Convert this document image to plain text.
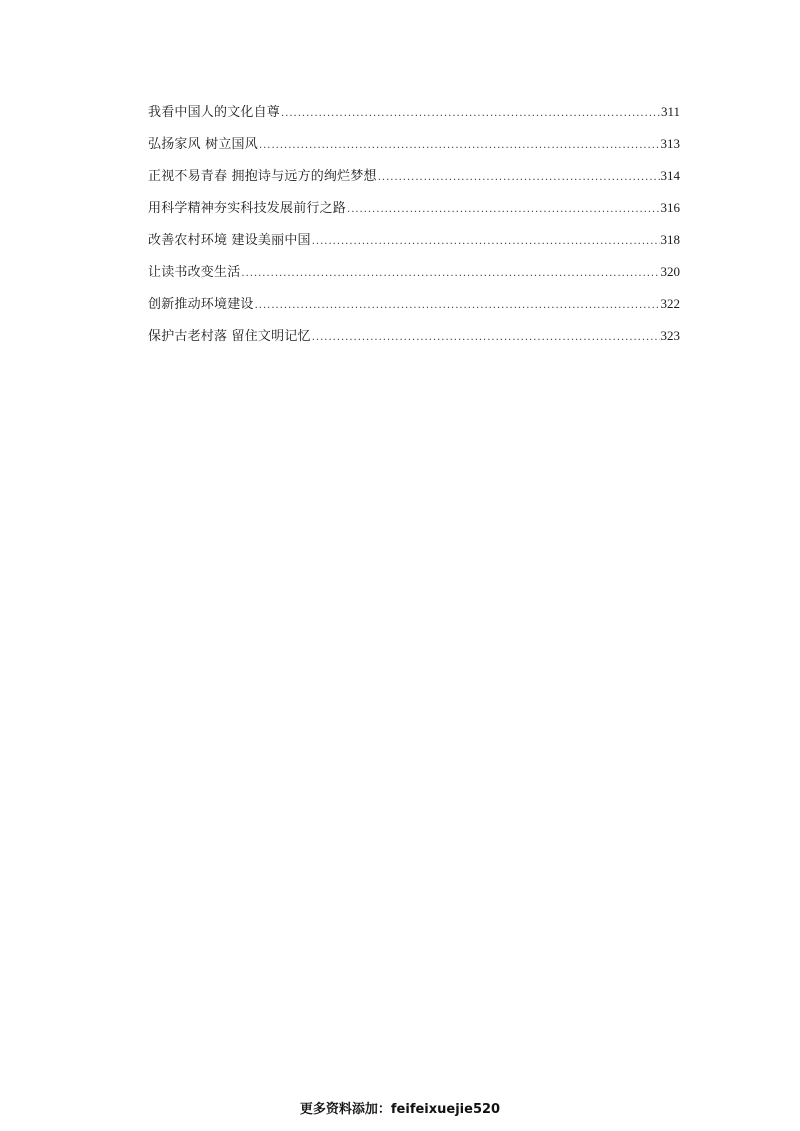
我看中国人的文化自尊 .....	311
弘扬家风 树立国风 .....	313
正视不易青春 拥抱诗与远方的绚烂梦想 .....	314
用科学精神夯实科技发展前行之路 .....	316
改善农村环境 建设美丽中国 .....	318
让读书改变生活 .....	320
创新推动环境建设 .....	322
保护古老村落 留住文明记忆 .....	323
更多资料添加：feifeixuejie520
